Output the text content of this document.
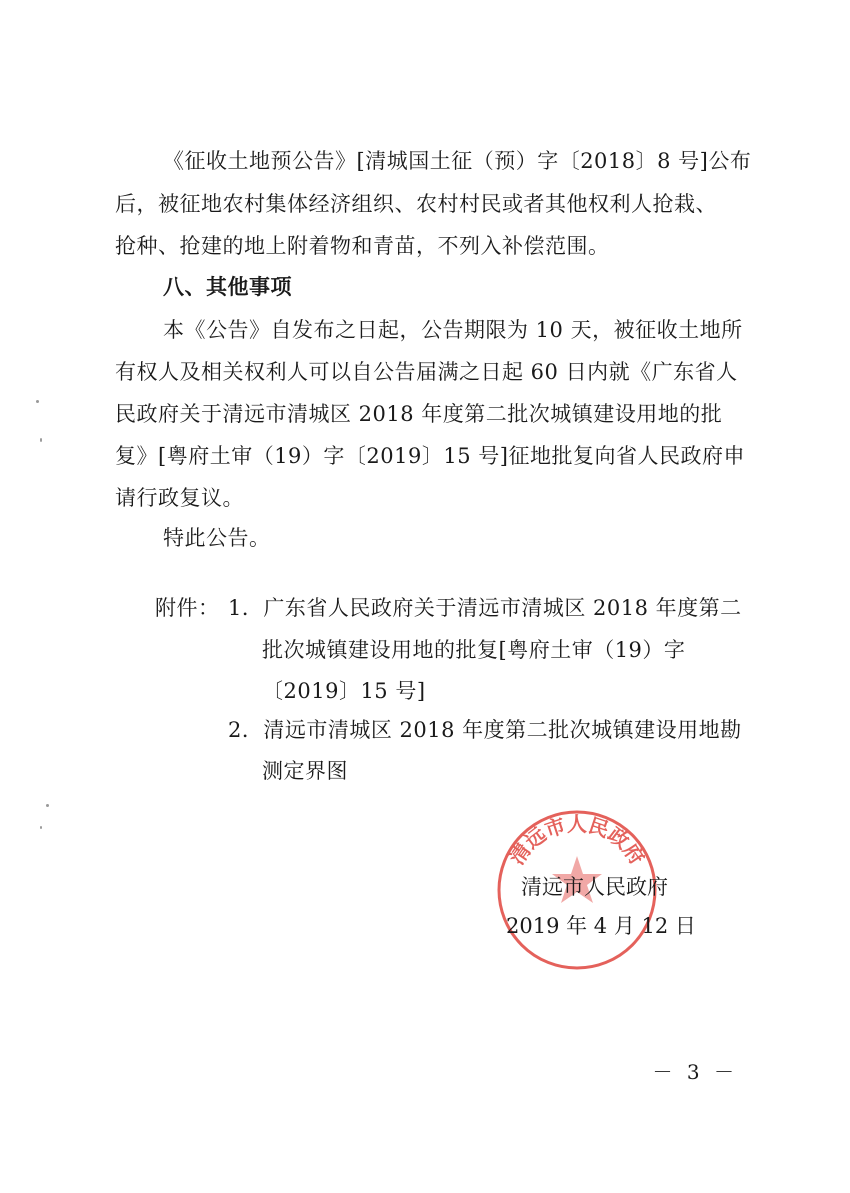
《征收土地预公告》[清城国土征（预）字〔2018〕8 号]公布
后，被征地农村集体经济组织、农村村民或者其他权利人抢栽、
抢种、抢建的地上附着物和青苗，不列入补偿范围。
八、其他事项
本《公告》自发布之日起，公告期限为 10 天，被征收土地所
有权人及相关权利人可以自公告届满之日起 60 日内就《广东省人
民政府关于清远市清城区 2018 年度第二批次城镇建设用地的批
复》[粤府土审（19）字〔2019〕15 号]征地批复向省人民政府申
请行政复议。
特此公告。
附件： 1．广东省人民政府关于清远市清城区 2018 年度第二
批次城镇建设用地的批复[粤府土审（19）字
〔2019〕15 号]
2．清远市清城区 2018 年度第二批次城镇建设用地勘
测定界图
清远市人民政府
清远市人民政府
2019 年 4 月 12 日
－ 3 －
